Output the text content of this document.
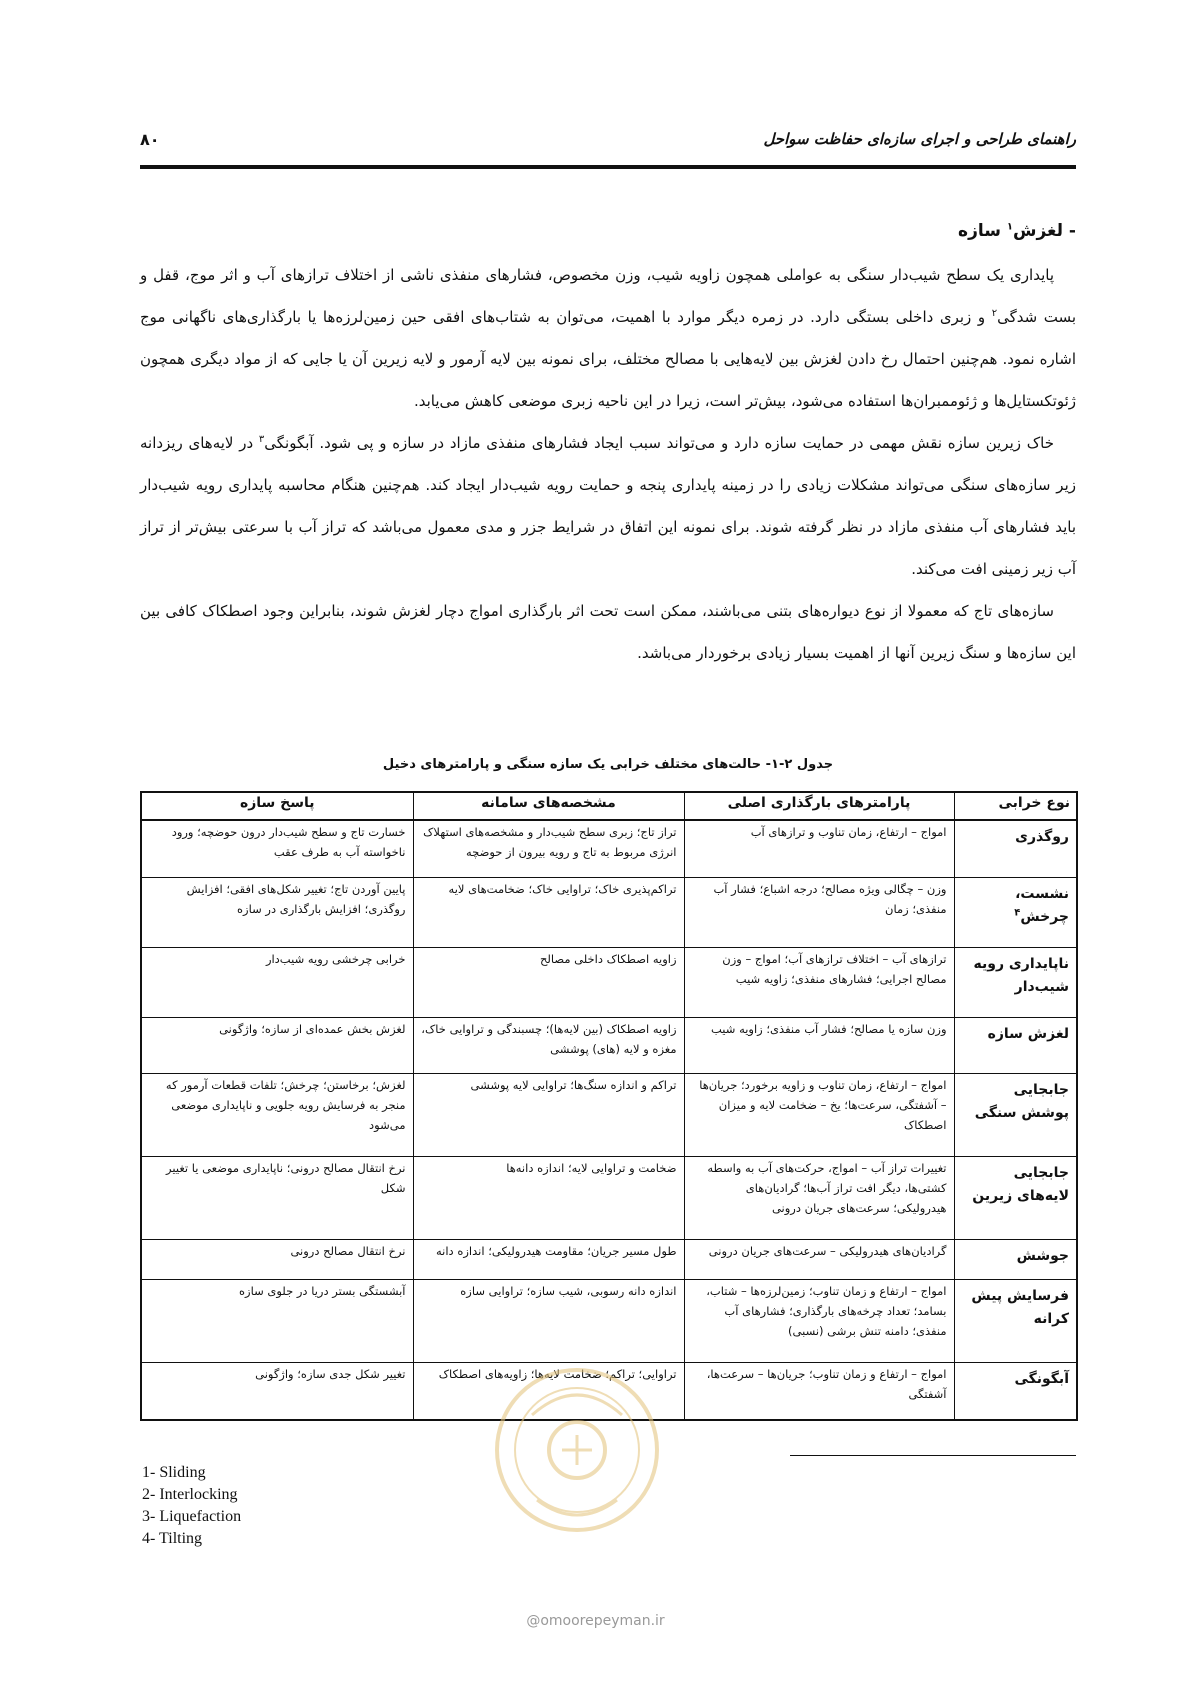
راهنمای طراحی و اجرای سازه‌ای حفاظت سواحل
۸۰
- لغزش$^۱$ سازه

پایداری یک سطح شیب‌دار سنگی به عواملی همچون زاویه شیب، وزن مخصوص، فشارهای منفذی ناشی از اختلاف ترازهای آب و اثر موج، قفل و بست شدگی$^۲$ و زبری داخلی بستگی دارد. در زمره دیگر موارد با اهمیت، می‌توان به شتاب‌های افقی حین زمین‌لرزه‌ها یا بارگذاری‌های ناگهانی موج اشاره نمود. هم‌چنین احتمال رخ دادن لغزش بین لایه‌هایی با مصالح مختلف، برای نمونه بین لایه آرمور و لایه زیرین آن یا جایی که از مواد دیگری همچون ژئوتکستایل‌ها و ژئوممبران‌ها استفاده می‌شود، بیش‌تر است، زیرا در این ناحیه زبری موضعی کاهش می‌یابد.

خاک زیرین سازه نقش مهمی در حمایت سازه دارد و می‌تواند سبب ایجاد فشارهای منفذی مازاد در سازه و پی شود. آبگونگی$^۳$ در لایه‌های ریزدانه زیر سازه‌های سنگی می‌تواند مشکلات زیادی را در زمینه پایداری پنجه و حمایت رویه شیب‌دار ایجاد کند. هم‌چنین هنگام محاسبه پایداری رویه شیب‌دار باید فشارهای آب منفذی مازاد در نظر گرفته شوند. برای نمونه این اتفاق در شرایط جزر و مدی معمول می‌باشد که تراز آب با سرعتی بیش‌تر از تراز آب زیر زمینی افت می‌کند.

سازه‌های تاج که معمولا از نوع دیواره‌های بتنی می‌باشند، ممکن است تحت اثر بارگذاری امواج دچار لغزش شوند، بنابراین وجود اصطکاک کافی بین این سازه‌ها و سنگ زیرین آنها از اهمیت بسیار زیادی برخوردار می‌باشد.

جدول ۲-۱- حالت‌های مختلف خرابی یک سازه سنگی و پارامترهای دخیل
نوع خرابی	پارامترهای بارگذاری اصلی	مشخصه‌های سامانه	پاسخ سازه
روگذری	امواج – ارتفاع، زمان تناوب و ترازهای آب	تراز تاج؛ زبری سطح شیب‌دار و مشخصه‌های استهلاک انرژی مربوط به تاج و رویه بیرون از حوضچه	خسارت تاج و سطح شیب‌دار درون حوضچه؛ ورود ناخواسته آب به طرف عقب
نشست، چرخش$^۴$	وزن – چگالی ویژه مصالح؛ درجه اشباع؛ فشار آب منفذی؛ زمان	تراکم‌پذیری خاک؛ تراوایی خاک؛ ضخامت‌های لایه	پایین آوردن تاج؛ تغییر شکل‌های افقی؛ افزایش روگذری؛ افزایش بارگذاری در سازه
ناپایداری رویه شیب‌دار	ترازهای آب – اختلاف ترازهای آب؛ امواج – وزن مصالح اجرایی؛ فشارهای منفذی؛ زاویه شیب	زاویه اصطکاک داخلی مصالح	خرابی چرخشی رویه شیب‌دار
لغزش سازه	وزن سازه یا مصالح؛ فشار آب منفذی؛ زاویه شیب	زاویه اصطکاک (بین لایه‌ها)؛ چسبندگی و تراوایی خاک، مغزه و لایه (های) پوششی	لغزش بخش عمده‌ای از سازه؛ واژگونی
جابجایی پوشش سنگی	امواج – ارتفاع، زمان تناوب و زاویه برخورد؛ جریان‌ها – آشفتگی، سرعت‌ها؛ یخ – ضخامت لایه و میزان اصطکاک	تراکم و اندازه سنگ‌ها؛ تراوایی لایه پوششی	لغزش؛ برخاستن؛ چرخش؛ تلفات قطعات آرمور که منجر به فرسایش رویه جلویی و ناپایداری موضعی می‌شود
جابجایی لایه‌های زیرین	تغییرات تراز آب – امواج، حرکت‌های آب به واسطه کشتی‌ها، دیگر افت تراز آب‌ها؛ گرادیان‌های هیدرولیکی؛ سرعت‌های جریان درونی	ضخامت و تراوایی لایه؛ اندازه دانه‌ها	نرخ انتقال مصالح درونی؛ ناپایداری موضعی یا تغییر شکل
جوشش	گرادیان‌های هیدرولیکی – سرعت‌های جریان درونی	طول مسیر جریان؛ مقاومت هیدرولیکی؛ اندازه دانه	نرخ انتقال مصالح درونی
فرسایش پیش کرانه	امواج – ارتفاع و زمان تناوب؛ زمین‌لرزه‌ها – شتاب، بسامد؛ تعداد چرخه‌های بارگذاری؛ فشارهای آب منفذی؛ دامنه تنش برشی (نسبی)	اندازه دانه رسوبی، شیب سازه؛ تراوایی سازه	آبشستگی بستر دریا در جلوی سازه
آبگونگی	امواج – ارتفاع و زمان تناوب؛ جریان‌ها – سرعت‌ها، آشفتگی	تراوایی؛ تراکم؛ ضخامت لایه‌ها؛ زاویه‌های اصطکاک	تغییر شکل جدی سازه؛ واژگونی
1- Sliding
2- Interlocking
3- Liquefaction
4- Tilting
@omoorepeyman.ir
